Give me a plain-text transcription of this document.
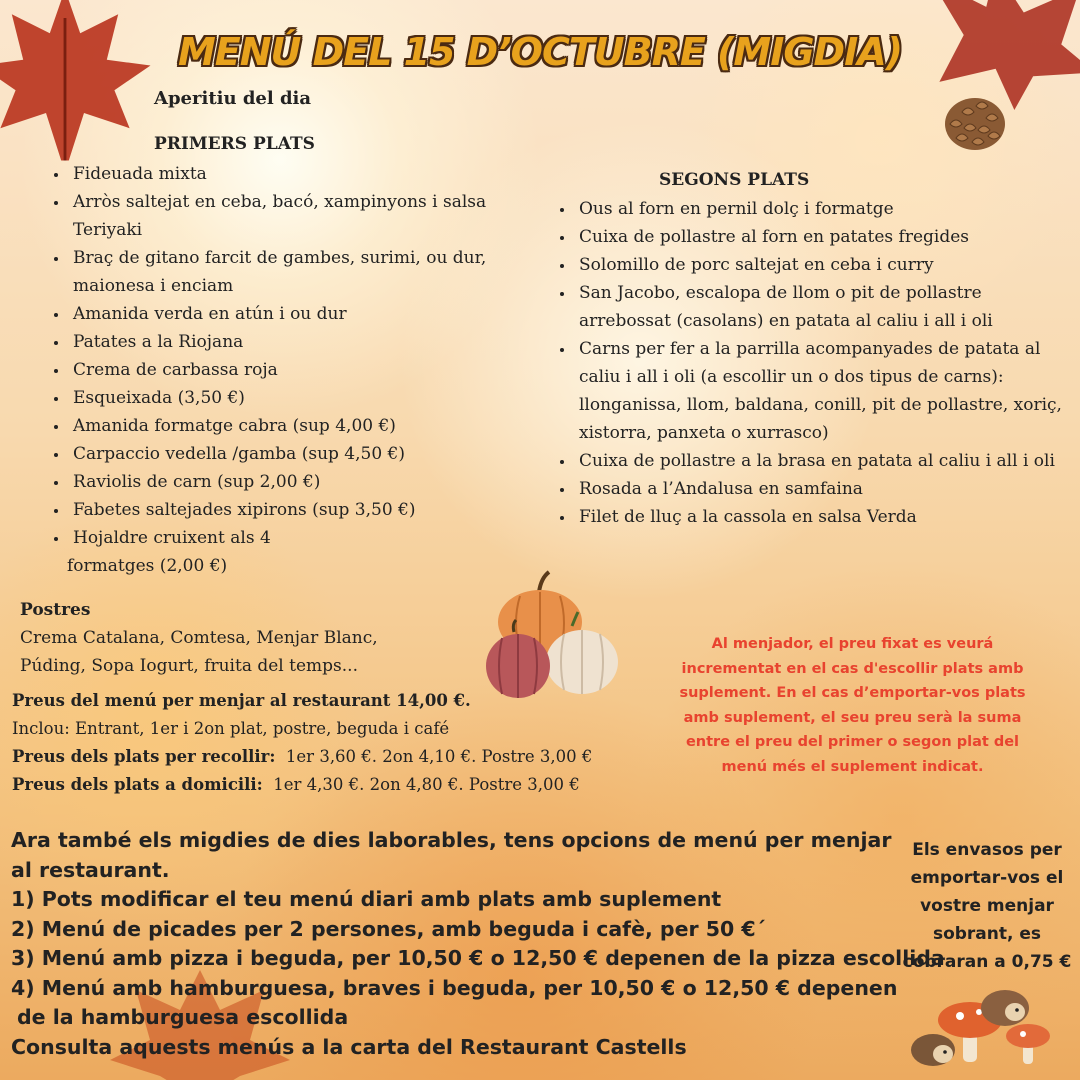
MENÚ DEL 15 D’OCTUBRE (MIGDIA)
Aperitiu del dia
PRIMERS PLATS
• Fideuada mixta
• Arròs saltejat en ceba, bacó, xampinyons i salsa Teriyaki
• Braç de gitano farcit de gambes, surimi, ou dur, maionesa i enciam
• Amanida verda en atún i ou dur
• Patates a la Riojana
• Crema de carbassa roja
• Esqueixada (3,50 €)
• Amanida formatge cabra (sup 4,00 €)
• Carpaccio vedella /gamba (sup 4,50 €)
• Raviolis de carn (sup 2,00 €)
• Fabetes saltejades xipirons (sup 3,50 €)
• Hojaldre cruixent als 4
formatges (2,00 €)
SEGONS PLATS
• Ous al forn en pernil dolç i formatge
• Cuixa de pollastre al forn en patates fregides
• Solomillo de porc saltejat en ceba i curry
• San Jacobo, escalopa de llom o pit de pollastre arrebossat (casolans) en patata al caliu i all i oli
• Carns per fer a la parrilla acompanyades de patata al caliu i all i oli (a escollir un o dos tipus de carns): llonganissa, llom, baldana, conill, pit de pollastre, xoriç, xistorra, panxeta o xurrasco)
• Cuixa de pollastre a la brasa en patata al caliu i all i oli
• Rosada a l’Andalusa en samfaina
• Filet de lluç a la cassola en salsa Verda
Postres
Crema Catalana, Comtesa, Menjar Blanc,
Púding, Sopa Iogurt, fruita del temps...
Preus del menú per menjar al restaurant 14,00 €.
Inclou: Entrant, 1er i 2on plat, postre, beguda i café
Preus dels plats per recollir: 1er 3,60 €. 2on 4,10 €. Postre 3,00 €
Preus dels plats a domicili: 1er 4,30 €. 2on 4,80 €. Postre 3,00 €
Al menjador, el preu fixat es veurá incrementat en el cas d'escollir plats amb suplement. En el cas d’emportar-vos plats amb suplement, el seu preu serà la suma entre el preu del primer o segon plat del menú més el suplement indicat.
Ara també els migdies de dies laborables, tens opcions de menú per menjar al restaurant.
1) Pots modificar el teu menú diari amb plats amb suplement
2) Menú de picades per 2 persones, amb beguda i cafè, per 50 €´
3) Menú amb pizza i beguda, per 10,50 € o 12,50 € depenen de la pizza escollida
4) Menú amb hamburguesa, braves i beguda, per 10,50 € o 12,50 € depenen
de la hamburguesa escollida
Consulta aquests menús a la carta del Restaurant Castells
Els envasos per emportar-vos el vostre menjar sobrant, es cobraran a 0,75 €
